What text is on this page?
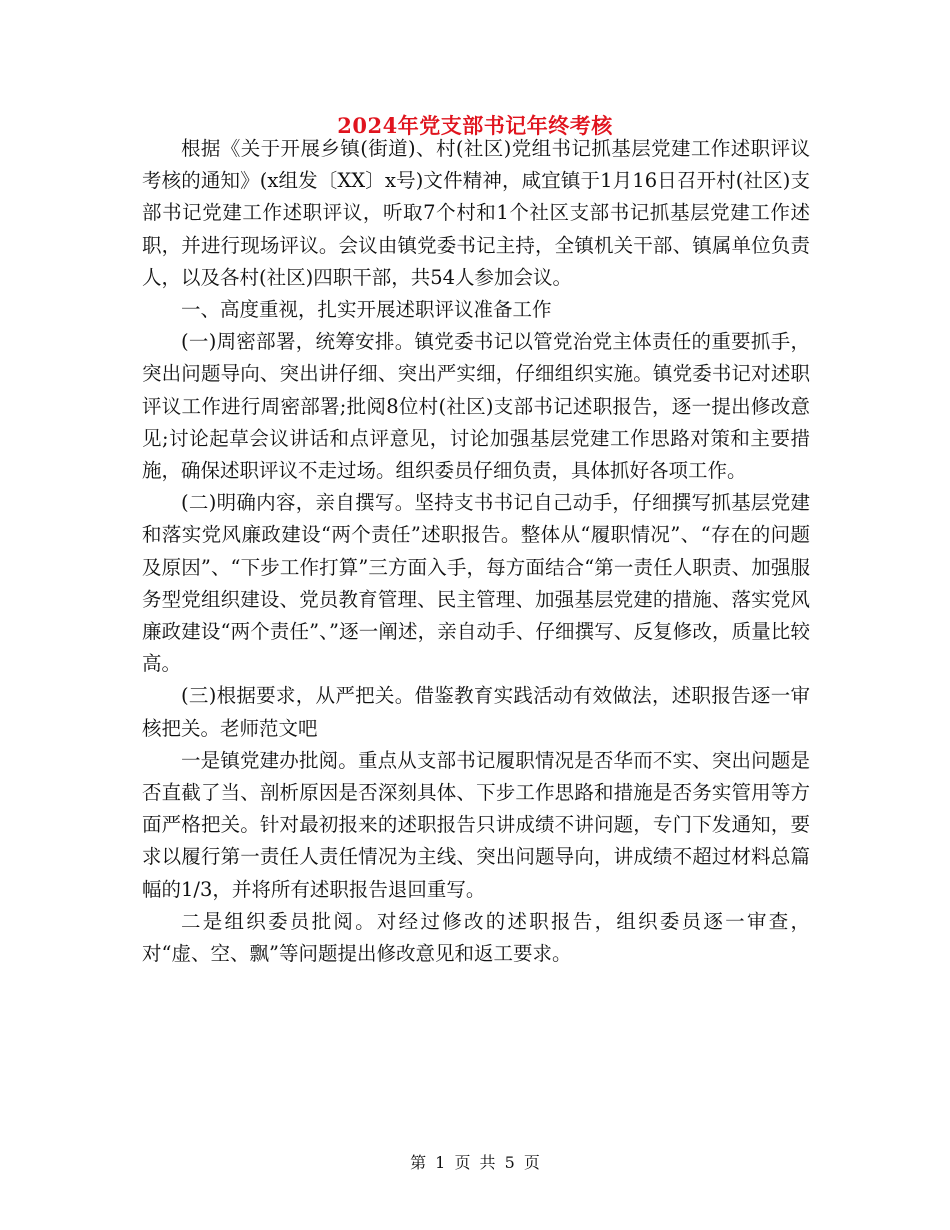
2024年党支部书记年终考核

根据《关于开展乡镇(街道)、村(社区)党组书记抓基层党建工作述职评议考核的通知》(x组发〔XX〕x号)文件精神，咸宜镇于1月16日召开村(社区)支部书记党建工作述职评议，听取7个村和1个社区支部书记抓基层党建工作述职，并进行现场评议。会议由镇党委书记主持，全镇机关干部、镇属单位负责人，以及各村(社区)四职干部，共54人参加会议。

一、高度重视，扎实开展述职评议准备工作

(一)周密部署，统筹安排。镇党委书记以管党治党主体责任的重要抓手，突出问题导向、突出讲仔细、突出严实细，仔细组织实施。镇党委书记对述职评议工作进行周密部署;批阅8位村(社区)支部书记述职报告，逐一提出修改意见;讨论起草会议讲话和点评意见，讨论加强基层党建工作思路对策和主要措施，确保述职评议不走过场。组织委员仔细负责，具体抓好各项工作。

(二)明确内容，亲自撰写。坚持支书书记自己动手，仔细撰写抓基层党建和落实党风廉政建设“两个责任”述职报告。整体从“履职情况”、“存在的问题及原因”、“下步工作打算”三方面入手，每方面结合“第一责任人职责、加强服务型党组织建设、党员教育管理、民主管理、加强基层党建的措施、落实党风廉政建设“两个责任”、”逐一阐述，亲自动手、仔细撰写、反复修改，质量比较高。

(三)根据要求，从严把关。借鉴教育实践活动有效做法，述职报告逐一审核把关。老师范文吧

一是镇党建办批阅。重点从支部书记履职情况是否华而不实、突出问题是否直截了当、剖析原因是否深刻具体、下步工作思路和措施是否务实管用等方面严格把关。针对最初报来的述职报告只讲成绩不讲问题，专门下发通知，要求以履行第一责任人责任情况为主线、突出问题导向，讲成绩不超过材料总篇幅的1/3，并将所有述职报告退回重写。

二是组织委员批阅。对经过修改的述职报告，组织委员逐一审查，对“虚、空、飘”等问题提出修改意见和返工要求。

第 1 页 共 5 页
